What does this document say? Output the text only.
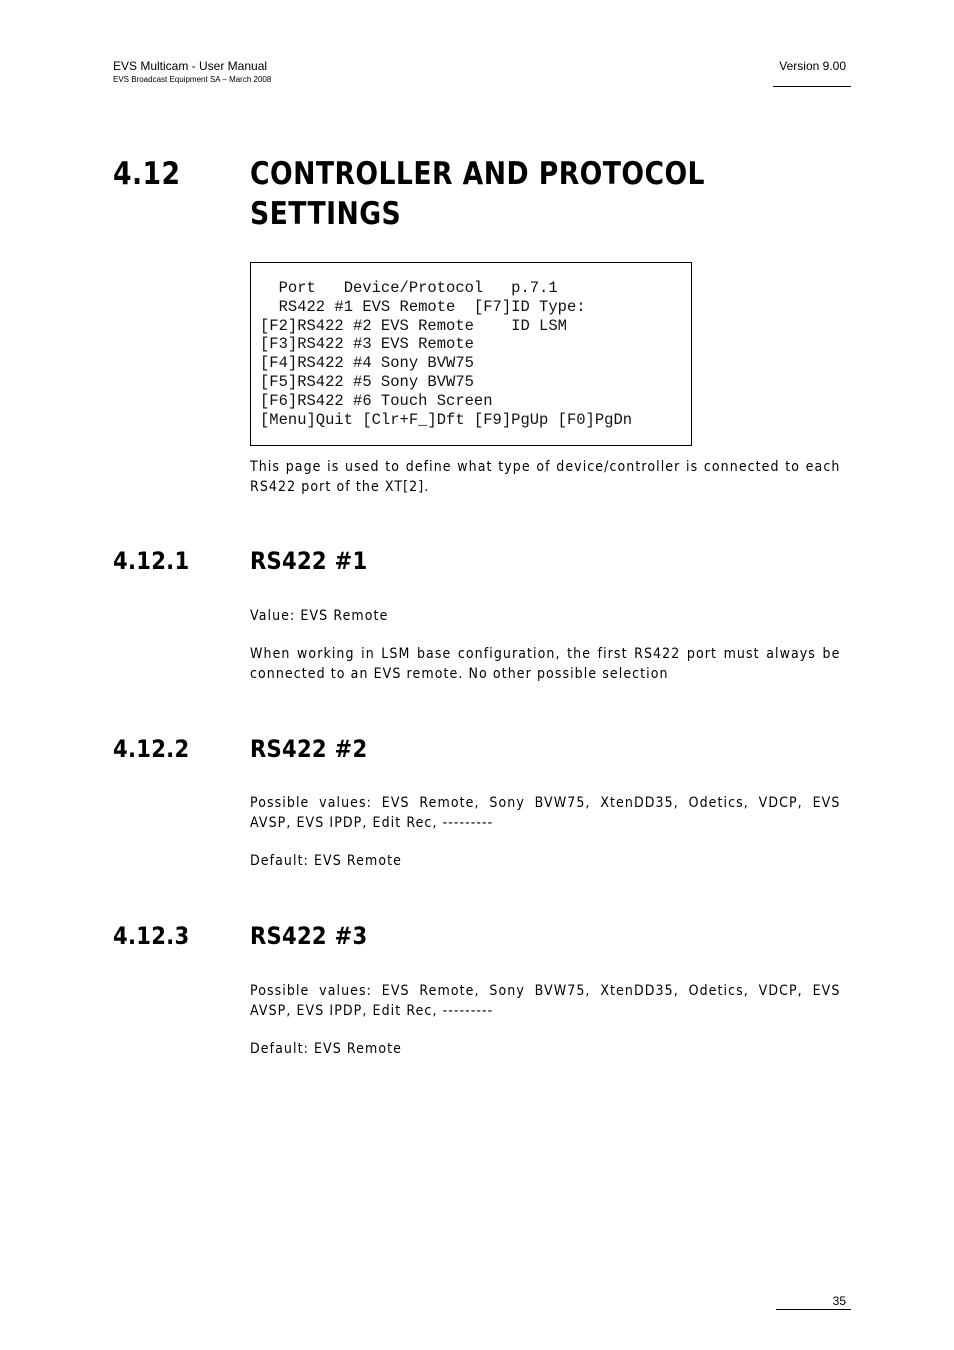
EVS Multicam - User Manual
EVS Broadcast Equipment SA – March 2008
Version 9.00
4.12 CONTROLLER AND PROTOCOL SETTINGS
Port   Device/Protocol   p.7.1
RS422 #1 EVS Remote  [F7]ID Type:
[F2]RS422 #2 EVS Remote    ID LSM
[F3]RS422 #3 EVS Remote
[F4]RS422 #4 Sony BVW75
[F5]RS422 #5 Sony BVW75
[F6]RS422 #6 Touch Screen
[Menu]Quit [Clr+F_]Dft [F9]PgUp [F0]PgDn
This page is used to define what type of device/controller is connected to each RS422 port of the XT[2].
4.12.1	RS422 #1
Value: EVS Remote
When working in LSM base configuration, the first RS422 port must always be connected to an EVS remote. No other possible selection
4.12.2	RS422 #2
Possible values: EVS Remote, Sony BVW75, XtenDD35, Odetics, VDCP, EVS AVSP, EVS IPDP, Edit Rec, ---------
Default: EVS Remote
4.12.3	RS422 #3
Possible values: EVS Remote, Sony BVW75, XtenDD35, Odetics, VDCP, EVS AVSP, EVS IPDP, Edit Rec, ---------
Default: EVS Remote
35
